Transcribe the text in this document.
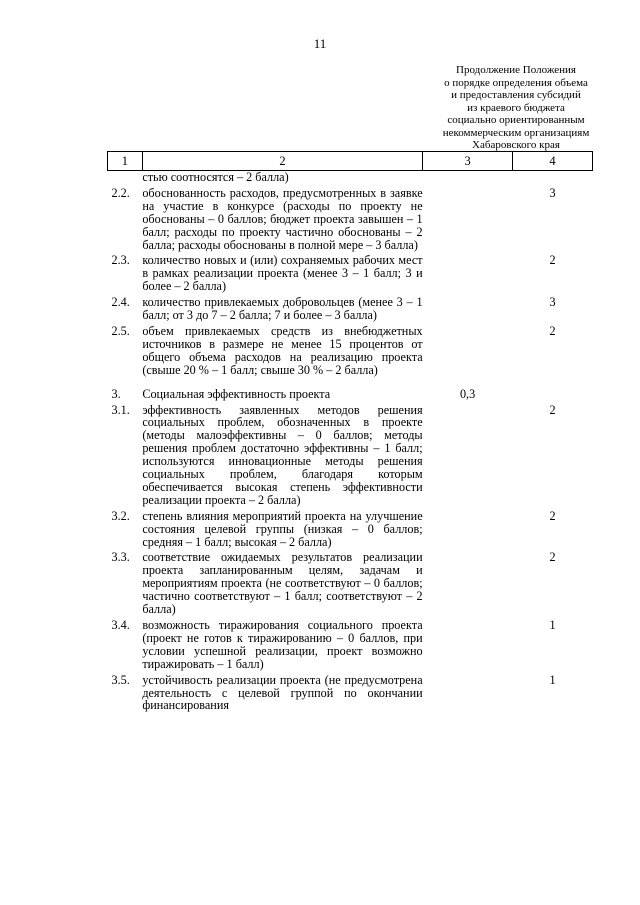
11
Продолжение Положения
о порядке определения объема
и предоставления субсидий
из краевого бюджета
социально ориентированным
некоммерческим организациям
Хабаровского края
1	2	3	4
	стью соотносятся – 2 балла)		
2.2.	обоснованность расходов, предусмотренных в заявке на участие в конкурсе (расходы по проекту не обоснованы – 0 баллов; бюджет проекта завышен – 1 балл; расходы по проекту частично обоснованы – 2 балла; расходы обоснованы в полной мере – 3 балла)		3
2.3.	количество новых и (или) сохраняемых рабочих мест в рамках реализации проекта (менее 3 – 1 балл; 3 и более – 2 балла)		2
2.4.	количество привлекаемых добровольцев (менее 3 – 1 балл; от 3 до 7 – 2 балла; 7 и более – 3 балла)		3
2.5.	объем привлекаемых средств из внебюджетных источников в размере не менее 15 процентов от общего объема расходов на реализацию проекта (свыше 20 % – 1 балл; свыше 30 % – 2 балла)		2
3.	Социальная эффективность проекта	0,3	
3.1.	эффективность заявленных методов решения социальных проблем, обозначенных в проекте (методы малоэффективны – 0 баллов; методы решения проблем достаточно эффективны – 1 балл; используются инновационные методы решения социальных проблем, благодаря которым обеспечивается высокая степень эффективности реализации проекта – 2 балла)		2
3.2.	степень влияния мероприятий проекта на улучшение состояния целевой группы (низкая – 0 баллов; средняя – 1 балл; высокая – 2 балла)		2
3.3.	соответствие ожидаемых результатов реализации проекта запланированным целям, задачам и мероприятиям проекта (не соответствуют – 0 баллов; частично соответствуют – 1 балл; соответствуют – 2 балла)		2
3.4.	возможность тиражирования социального проекта (проект не готов к тиражированию – 0 баллов, при условии успешной реализации, проект возможно тиражировать – 1 балл)		1
3.5.	устойчивость реализации проекта (не предусмотрена деятельность с целевой группой по окончании финансирования		1
